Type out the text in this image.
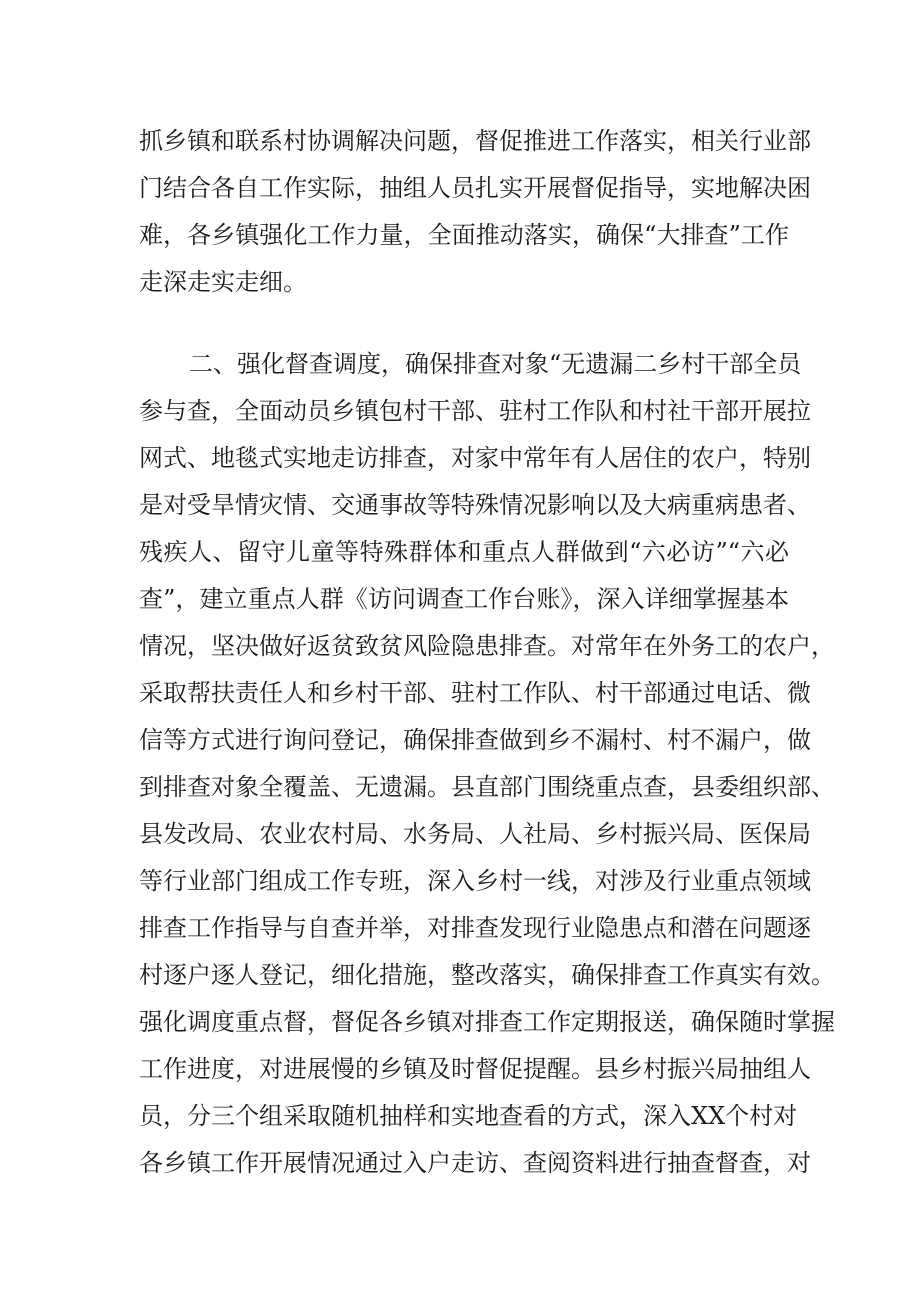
抓乡镇和联系村协调解决问题，督促推进工作落实，相关行业部
门结合各自工作实际，抽组人员扎实开展督促指导，实地解决困
难，各乡镇强化工作力量，全面推动落实，确保“大排查”工作
走深走实走细。
二、强化督查调度，确保排查对象“无遗漏二乡村干部全员
参与查，全面动员乡镇包村干部、驻村工作队和村社干部开展拉
网式、地毯式实地走访排查，对家中常年有人居住的农户，特别
是对受旱情灾情、交通事故等特殊情况影响以及大病重病患者、
残疾人、留守儿童等特殊群体和重点人群做到“六必访”“六必
查”，建立重点人群《访问调查工作台账》，深入详细掌握基本
情况，坚决做好返贫致贫风险隐患排查。对常年在外务工的农户，
采取帮扶责任人和乡村干部、驻村工作队、村干部通过电话、微
信等方式进行询问登记，确保排查做到乡不漏村、村不漏户，做
到排查对象全覆盖、无遗漏。县直部门围绕重点查，县委组织部、
县发改局、农业农村局、水务局、人社局、乡村振兴局、医保局
等行业部门组成工作专班，深入乡村一线，对涉及行业重点领域
排查工作指导与自查并举，对排查发现行业隐患点和潜在问题逐
村逐户逐人登记，细化措施，整改落实，确保排查工作真实有效。
强化调度重点督，督促各乡镇对排查工作定期报送，确保随时掌握
工作进度，对进展慢的乡镇及时督促提醒。县乡村振兴局抽组人
员，分三个组采取随机抽样和实地查看的方式，深入XX个村对
各乡镇工作开展情况通过入户走访、查阅资料进行抽查督查，对
